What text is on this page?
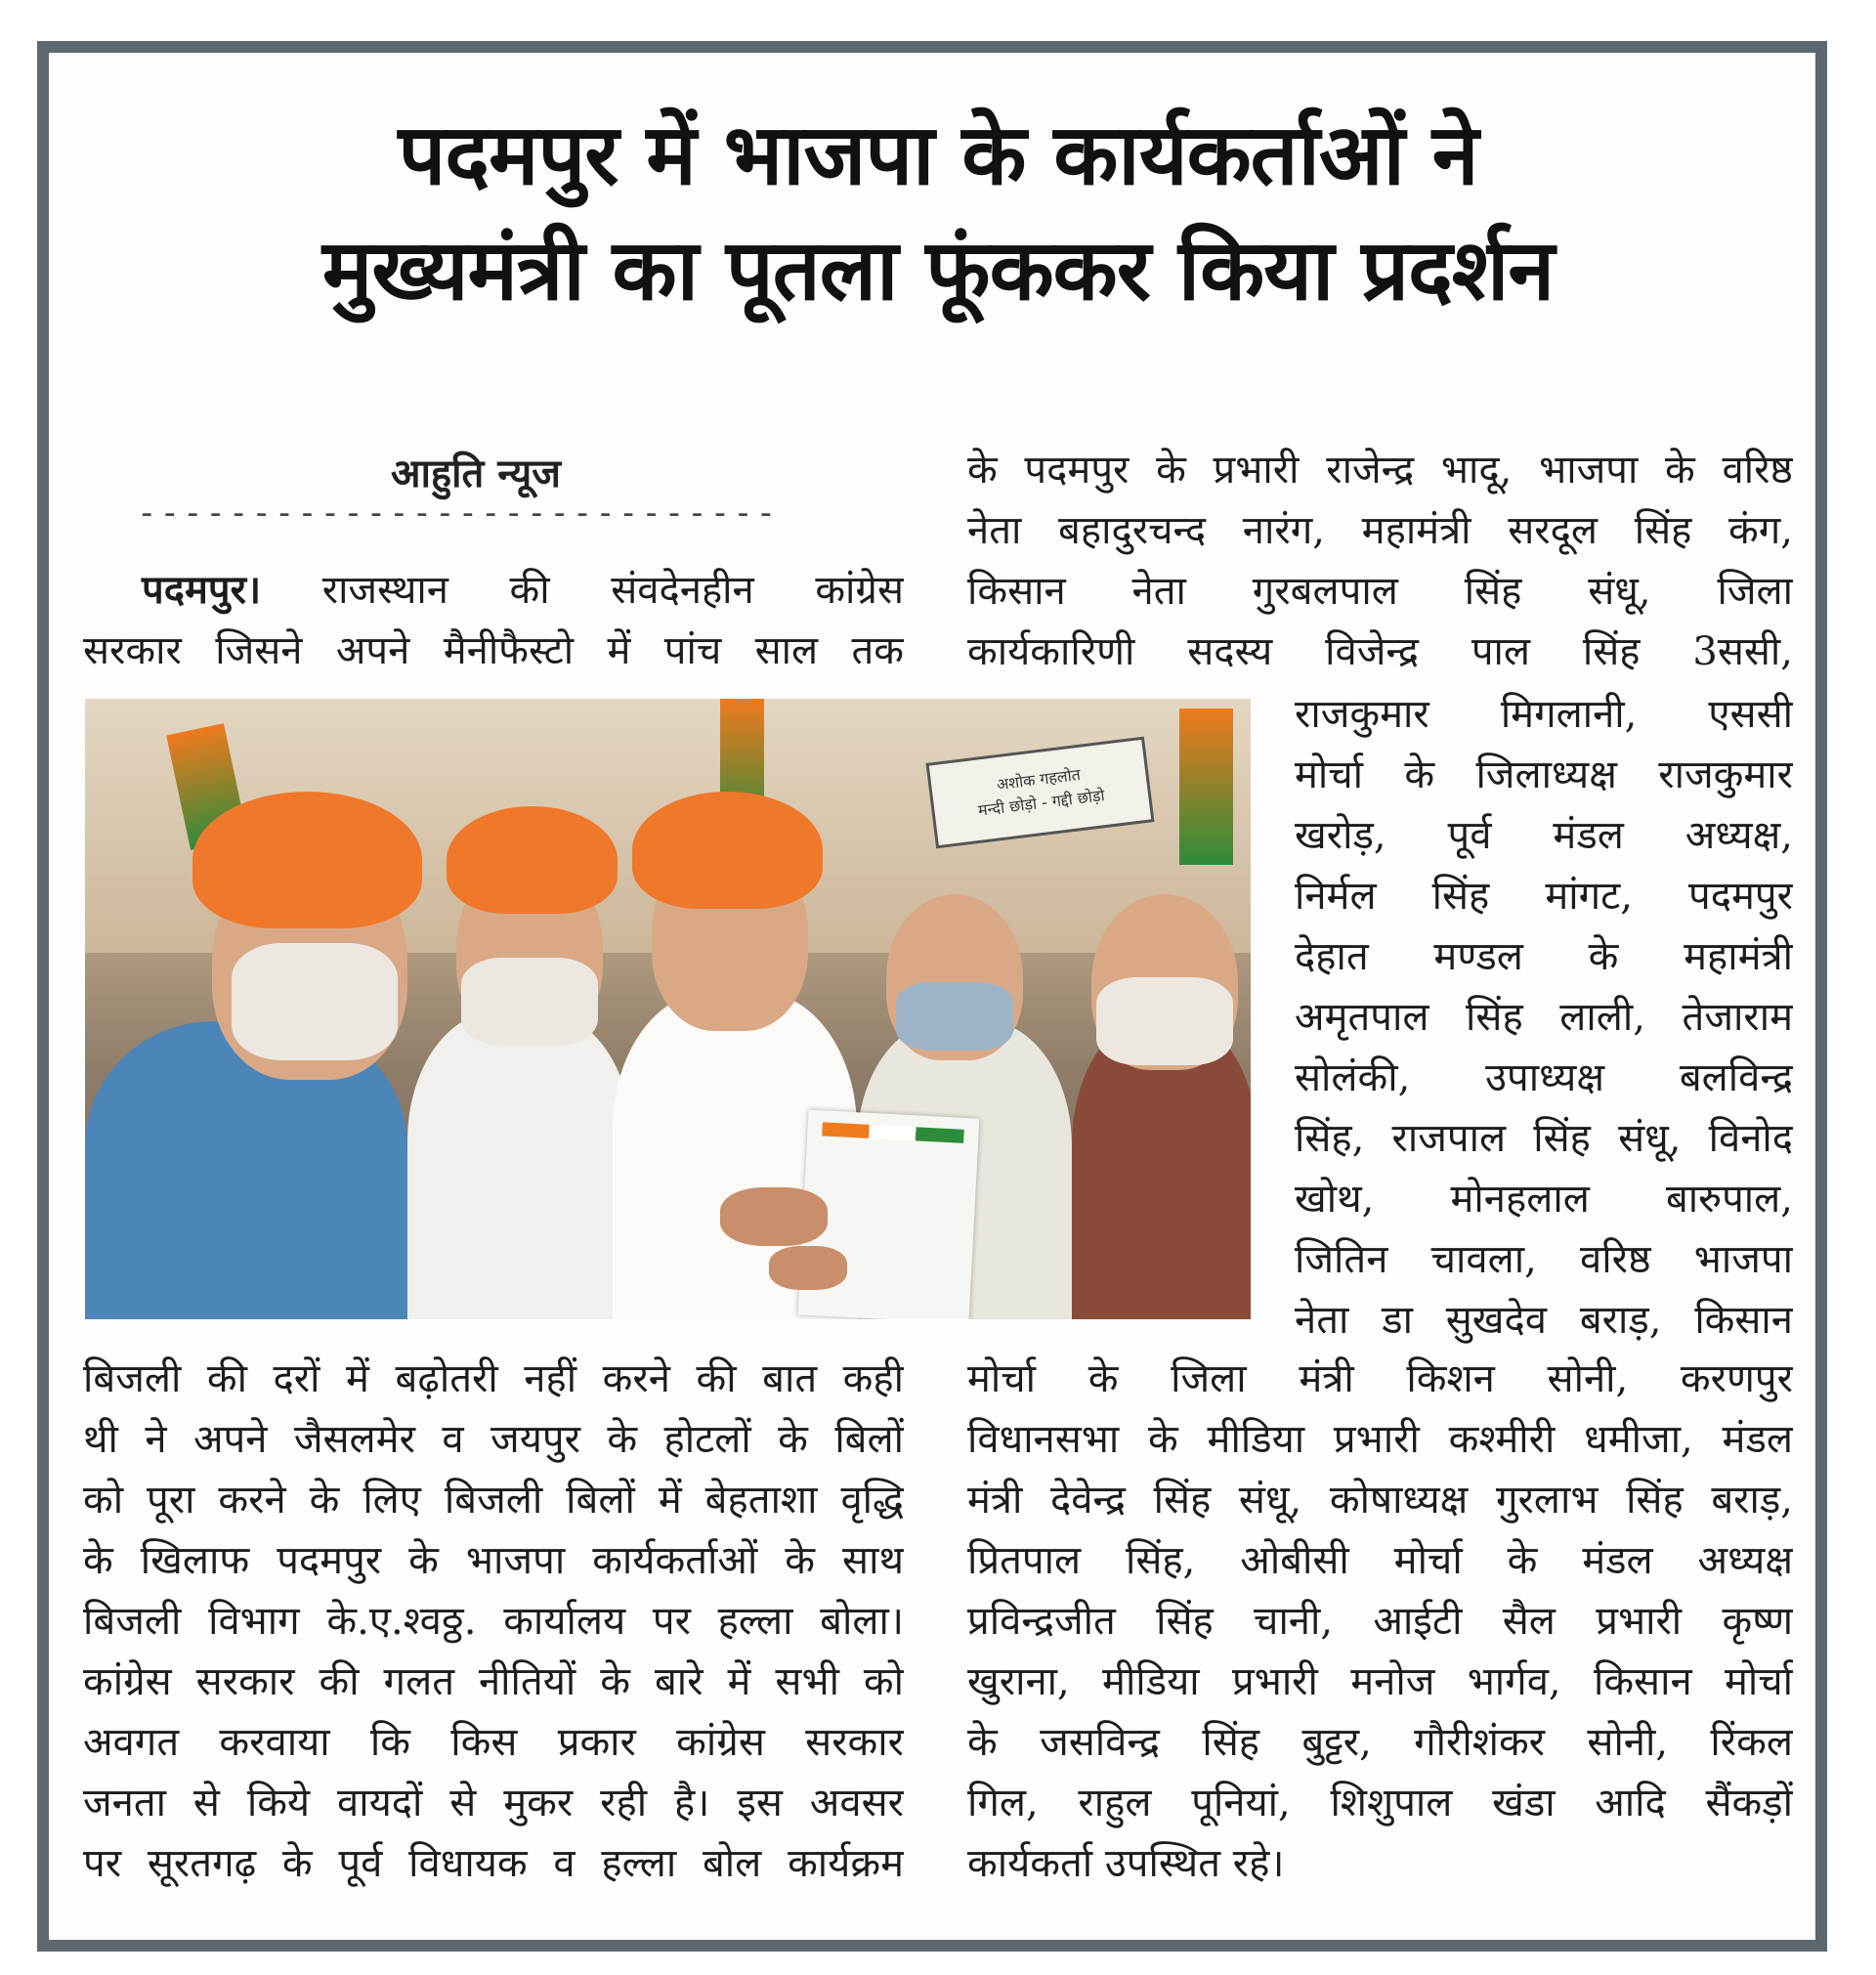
पदमपुर में भाजपा के कार्यकर्ताओं ने
मुख्यमंत्री का पूतला फूंककर किया प्रदर्शन
आहुति न्यूज
----------------------------
पदमपुर। राजस्थान की संवदेनहीन कांग्रेस
सरकार जिसने अपने मैनीफैस्टो में पांच साल तक
अशोक गहलोत
मन्दी छोड़ो - गद्दी छोड़ो
बिजली की दरों में बढ़ोतरी नहीं करने की बात कही
थी ने अपने जैसलमेर व जयपुर के होटलों के बिलों
को पूरा करने के लिए बिजली बिलों में बेहताशा वृद्धि
के खिलाफ पदमपुर के भाजपा कार्यकर्ताओं के साथ
बिजली विभाग के.ए.श्वठ्ठ. कार्यालय पर हल्ला बोला।
कांग्रेस सरकार की गलत नीतियों के बारे में सभी को
अवगत करवाया कि किस प्रकार कांग्रेस सरकार
जनता से किये वायदों से मुकर रही है। इस अवसर
पर सूरतगढ़ के पूर्व विधायक व हल्ला बोल कार्यक्रम
के पदमपुर के प्रभारी राजेन्द्र भादू, भाजपा के वरिष्ठ
नेता बहादुरचन्द नारंग, महामंत्री सरदूल सिंह कंग,
किसान नेता गुरबलपाल सिंह संधू, जिला
कार्यकारिणी सदस्य विजेन्द्र पाल सिंह 3ससी,
राजकुमार मिगलानी, एससी
मोर्चा के जिलाध्यक्ष राजकुमार
खरोड़, पूर्व मंडल अध्यक्ष,
निर्मल सिंह मांगट, पदमपुर
देहात मण्डल के महामंत्री
अमृतपाल सिंह लाली, तेजाराम
सोलंकी, उपाध्यक्ष बलविन्द्र
सिंह, राजपाल सिंह संधू, विनोद
खोथ, मोनहलाल बारुपाल,
जितिन चावला, वरिष्ठ भाजपा
नेता डा सुखदेव बराड़, किसान
मोर्चा के जिला मंत्री किशन सोनी, करणपुर
विधानसभा के मीडिया प्रभारी कश्मीरी धमीजा, मंडल
मंत्री देवेन्द्र सिंह संधू, कोषाध्यक्ष गुरलाभ सिंह बराड़,
प्रितपाल सिंह, ओबीसी मोर्चा के मंडल अध्यक्ष
प्रविन्द्रजीत सिंह चानी, आईटी सैल प्रभारी कृष्ण
खुराना, मीडिया प्रभारी मनोज भार्गव, किसान मोर्चा
के जसविन्द्र सिंह बुट्टर, गौरीशंकर सोनी, रिंकल
गिल, राहुल पूनियां, शिशुपाल खंडा आदि सैंकड़ों
कार्यकर्ता उपस्थित रहे।
